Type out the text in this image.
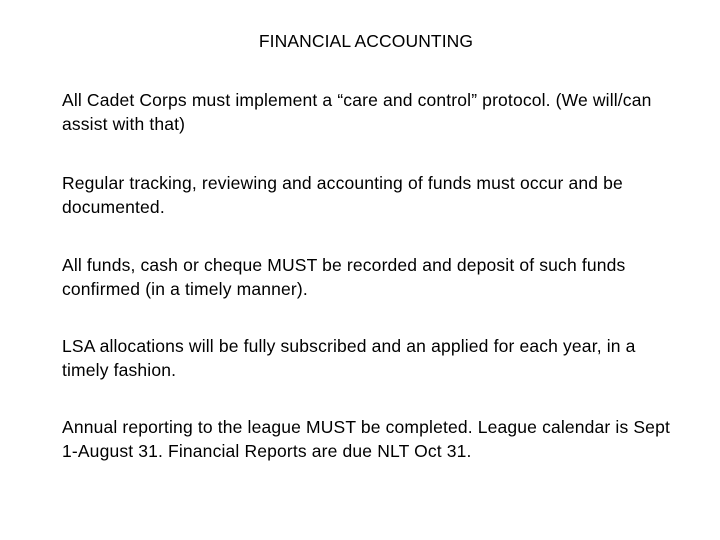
FINANCIAL ACCOUNTING
All Cadet Corps must implement a “care and control” protocol. (We will/can assist with that)
Regular tracking, reviewing and accounting of funds must occur and be documented.
All funds, cash or cheque MUST be recorded and deposit of such funds confirmed (in a timely manner).
LSA allocations will be fully subscribed and an applied for each year, in a timely fashion.
Annual reporting to the league MUST be completed. League calendar is Sept 1-August 31. Financial Reports are due NLT Oct 31.
